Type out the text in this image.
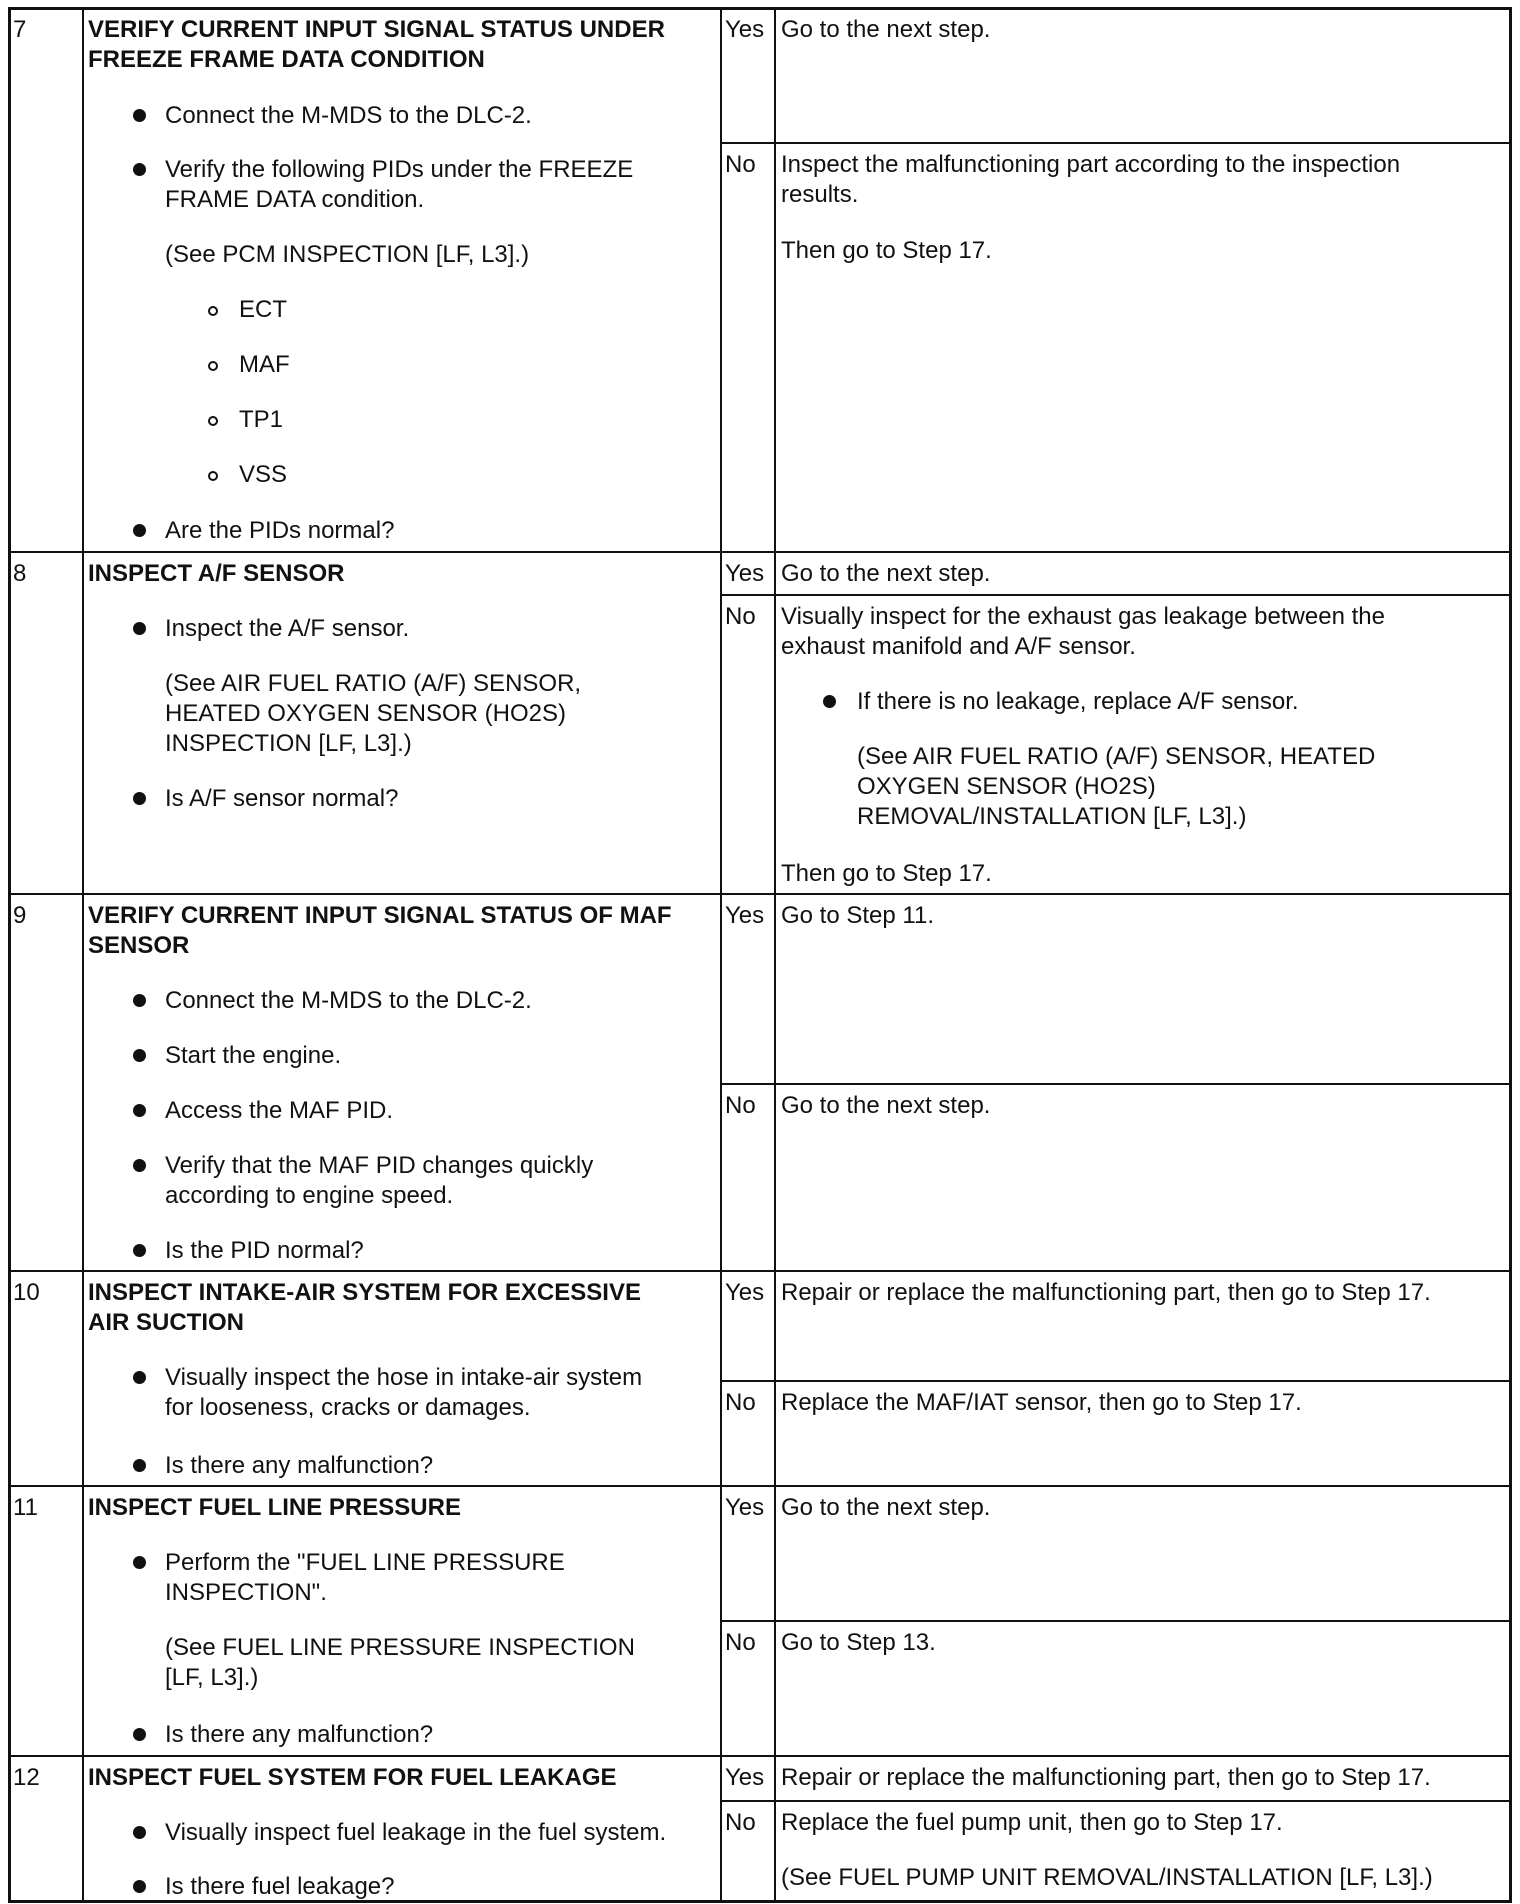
7	VERIFY CURRENT INPUT SIGNAL STATUS UNDER
FREEZE FRAME DATA CONDITION
Connect the M-MDS to the DLC-2.
Verify the following PIDs under the FREEZE
FRAME DATA condition.
(See PCM INSPECTION [LF, L3].)
ECT
MAF
TP1
VSS
Are the PIDs normal?
Yes Go to the next step.
No Inspect the malfunctioning part according to the inspection
results.
Then go to Step 17.
8	INSPECT A/F SENSOR
Inspect the A/F sensor.
(See AIR FUEL RATIO (A/F) SENSOR,
HEATED OXYGEN SENSOR (HO2S)
INSPECTION [LF, L3].)
Is A/F sensor normal?
Yes Go to the next step.
No Visually inspect for the exhaust gas leakage between the
exhaust manifold and A/F sensor.
If there is no leakage, replace A/F sensor.
(See AIR FUEL RATIO (A/F) SENSOR, HEATED
OXYGEN SENSOR (HO2S)
REMOVAL/INSTALLATION [LF, L3].)
Then go to Step 17.
9	VERIFY CURRENT INPUT SIGNAL STATUS OF MAF
SENSOR
Connect the M-MDS to the DLC-2.
Start the engine.
Access the MAF PID.
Verify that the MAF PID changes quickly
according to engine speed.
Is the PID normal?
Yes Go to Step 11.
No Go to the next step.
10 INSPECT INTAKE-AIR SYSTEM FOR EXCESSIVE
AIR SUCTION
Visually inspect the hose in intake-air system
for looseness, cracks or damages.
Is there any malfunction?
Yes Repair or replace the malfunctioning part, then go to Step 17.
No Replace the MAF/IAT sensor, then go to Step 17.
11 INSPECT FUEL LINE PRESSURE
Perform the "FUEL LINE PRESSURE
INSPECTION".
(See FUEL LINE PRESSURE INSPECTION
[LF, L3].)
Is there any malfunction?
Yes Go to the next step.
No Go to Step 13.
12 INSPECT FUEL SYSTEM FOR FUEL LEAKAGE
Visually inspect fuel leakage in the fuel system.
Is there fuel leakage?
Yes Repair or replace the malfunctioning part, then go to Step 17.
No Replace the fuel pump unit, then go to Step 17.
(See FUEL PUMP UNIT REMOVAL/INSTALLATION [LF, L3].)
